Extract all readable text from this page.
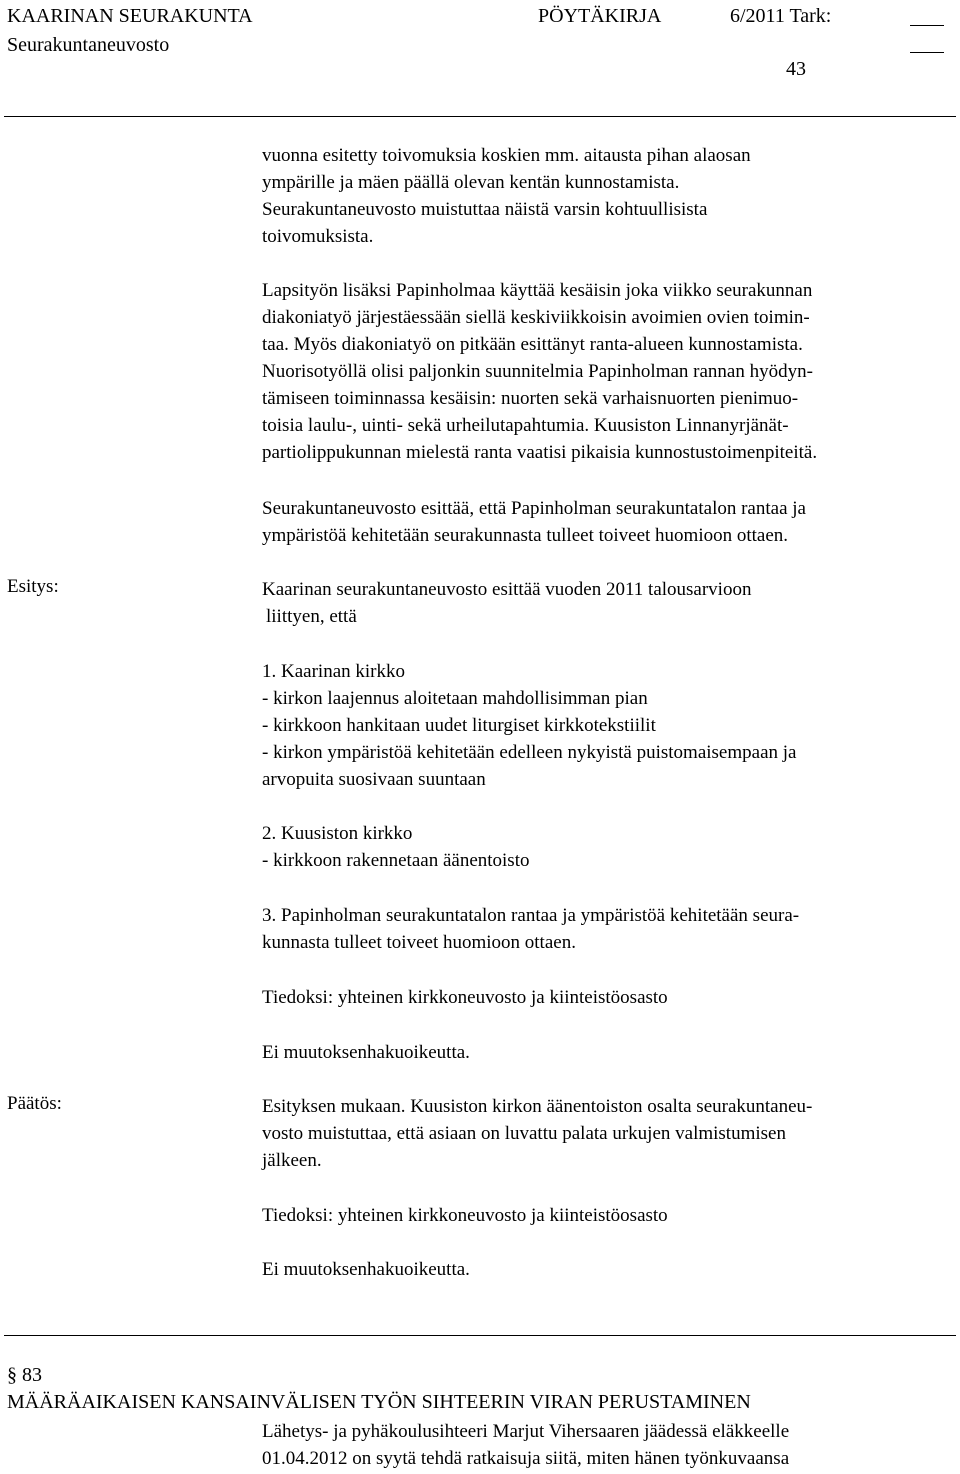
KAARINAN SEURAKUNTA	PÖYTÄKIRJA	6/2011 Tark:
Seurakuntaneuvosto
43
vuonna esitetty toivomuksia koskien mm. aitausta pihan alaosan
ympärille ja mäen päällä olevan kentän kunnostamista.
Seurakuntaneuvosto muistuttaa näistä varsin kohtuullisista
toivomuksista.
Lapsityön lisäksi Papinholmaa käyttää kesäisin joka viikko seurakunnan
diakoniatyö järjestäessään siellä keskiviikkoisin avoimien ovien toimin-
taa. Myös diakoniatyö on pitkään esittänyt ranta-alueen kunnostamista.
Nuorisotyöllä olisi paljonkin suunnitelmia Papinholman rannan hyödyn-
tämiseen toiminnassa kesäisin: nuorten sekä varhaisnuorten pienimuo-
toisia laulu-, uinti- sekä urheilutapahtumia. Kuusiston Linnanyrjänät-
partiolippukunnan mielestä ranta vaatisi pikaisia kunnostustoimenpiteitä.
Seurakuntaneuvosto esittää, että Papinholman seurakuntatalon rantaa ja
ympäristöä kehitetään seurakunnasta tulleet toiveet huomioon ottaen.
Esitys:	Kaarinan seurakuntaneuvosto esittää vuoden 2011 talousarvioon
liittyen, että
1. Kaarinan kirkko
- kirkon laajennus aloitetaan mahdollisimman pian
- kirkkoon hankitaan uudet liturgiset kirkkotekstiilit
- kirkon ympäristöä kehitetään edelleen nykyistä puistomaisempaan ja
arvopuita suosivaan suuntaan
2. Kuusiston kirkko
- kirkkoon rakennetaan äänentoisto
3. Papinholman seurakuntatalon rantaa ja ympäristöä kehitetään seura-
kunnasta tulleet toiveet huomioon ottaen.
Tiedoksi: yhteinen kirkkoneuvosto ja kiinteistöosasto
Ei muutoksenhakuoikeutta.
Päätös:	Esityksen mukaan. Kuusiston kirkon äänentoiston osalta seurakuntaneu-
vosto muistuttaa, että asiaan on luvattu palata urkujen valmistumisen
jälkeen.
Tiedoksi: yhteinen kirkkoneuvosto ja kiinteistöosasto
Ei muutoksenhakuoikeutta.
§ 83
MÄÄRÄAIKAISEN KANSAINVÄLISEN TYÖN SIHTEERIN VIRAN PERUSTAMINEN
Lähetys- ja pyhäkoulusihteeri Marjut Vihersaaren jäädessä eläkkeelle
01.04.2012 on syytä tehdä ratkaisuja siitä, miten hänen työnkuvaansa
